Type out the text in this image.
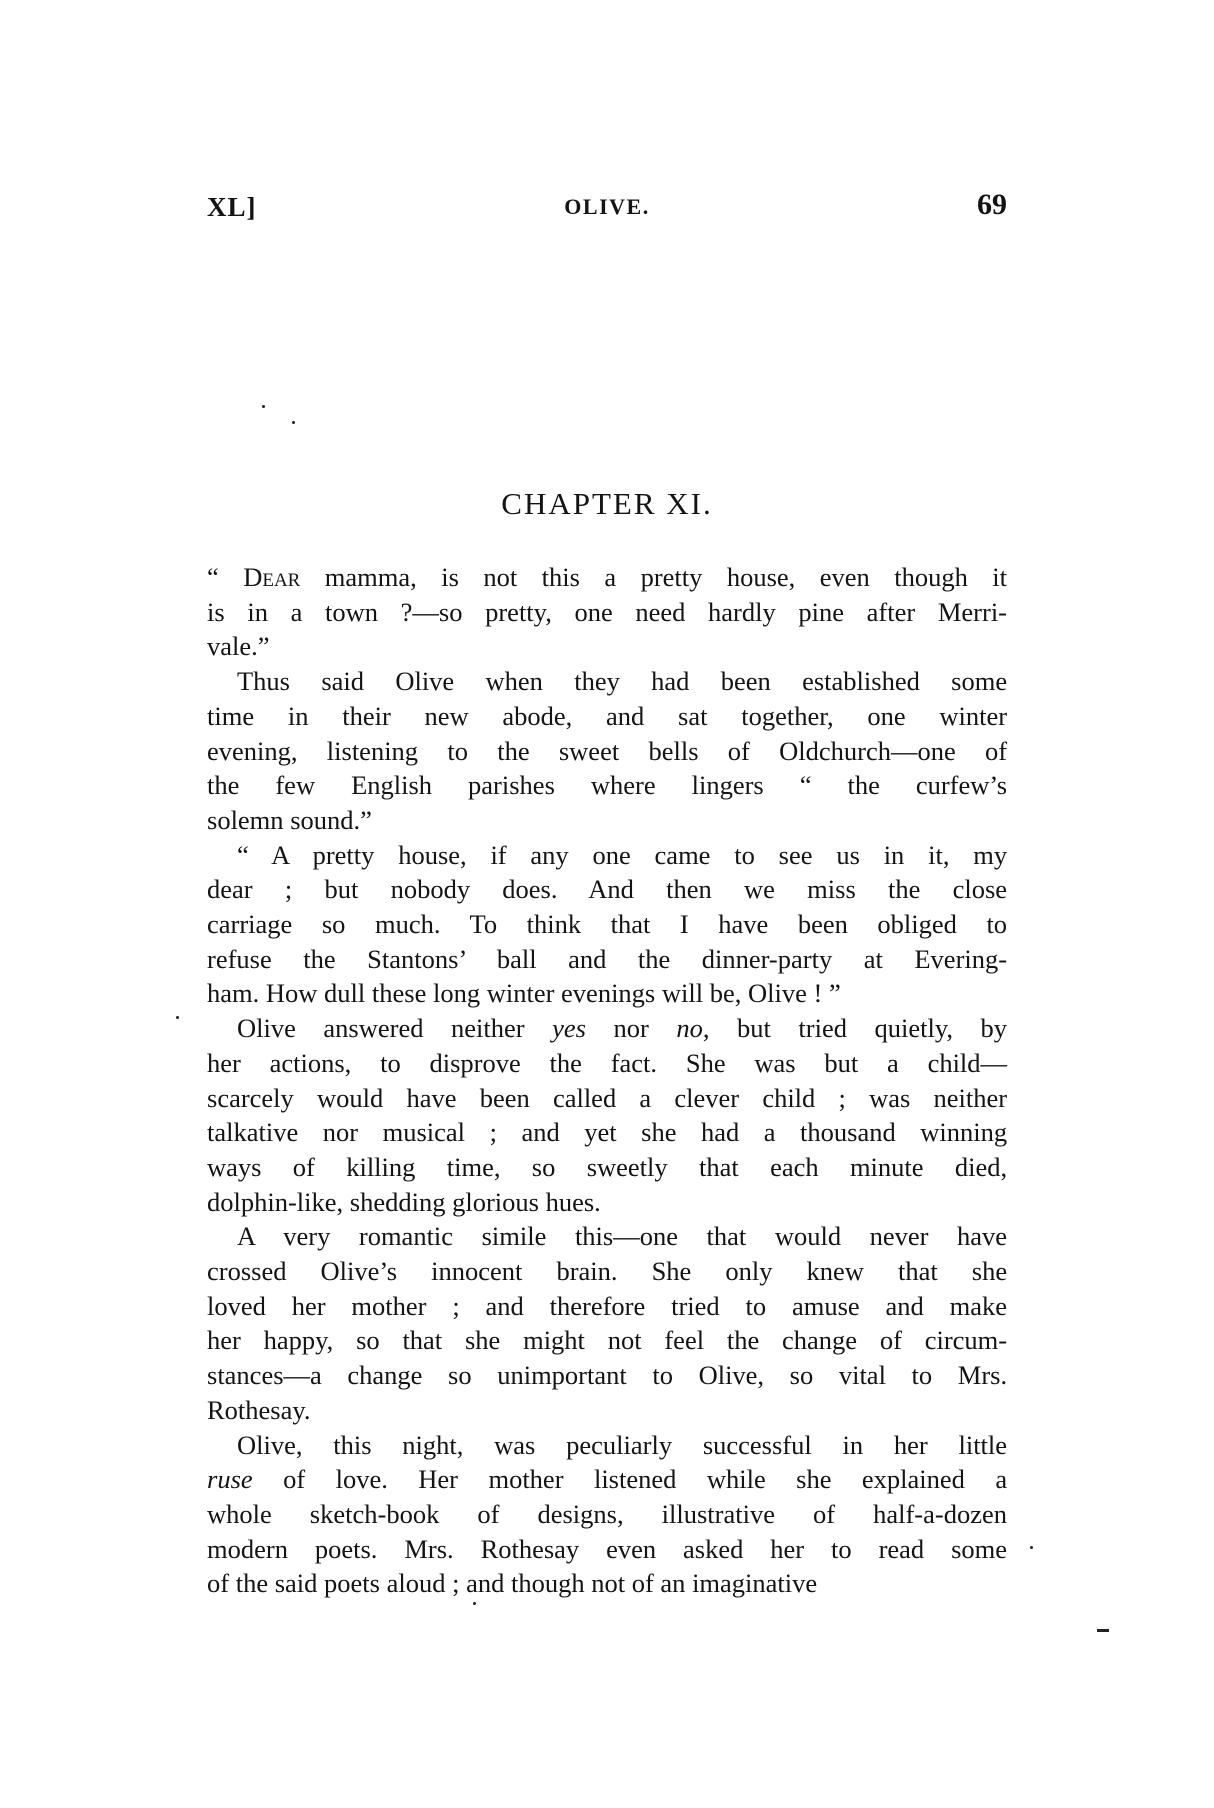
XL]	OLIVE.	69
CHAPTER XI.
“ Dear mamma, is not this a pretty house, even though it
is in a town ?—so pretty, one need hardly pine after Merri-
vale.”
Thus said Olive when they had been established some
time in their new abode, and sat together, one winter
evening, listening to the sweet bells of Oldchurch—one of
the few English parishes where lingers “ the curfew’s
solemn sound.”
“ A pretty house, if any one came to see us in it, my
dear ; but nobody does. And then we miss the close
carriage so much. To think that I have been obliged to
refuse the Stantons’ ball and the dinner-party at Evering-
ham. How dull these long winter evenings will be, Olive ! ”
Olive answered neither yes nor no, but tried quietly, by
her actions, to disprove the fact. She was but a child—
scarcely would have been called a clever child ; was neither
talkative nor musical ; and yet she had a thousand winning
ways of killing time, so sweetly that each minute died,
dolphin-like, shedding glorious hues.
A very romantic simile this—one that would never have
crossed Olive’s innocent brain. She only knew that she
loved her mother ; and therefore tried to amuse and make
her happy, so that she might not feel the change of circum-
stances—a change so unimportant to Olive, so vital to Mrs.
Rothesay.
Olive, this night, was peculiarly successful in her little
ruse of love. Her mother listened while she explained a
whole sketch-book of designs, illustrative of half-a-dozen
modern poets. Mrs. Rothesay even asked her to read some
of the said poets aloud ; and though not of an imaginative
